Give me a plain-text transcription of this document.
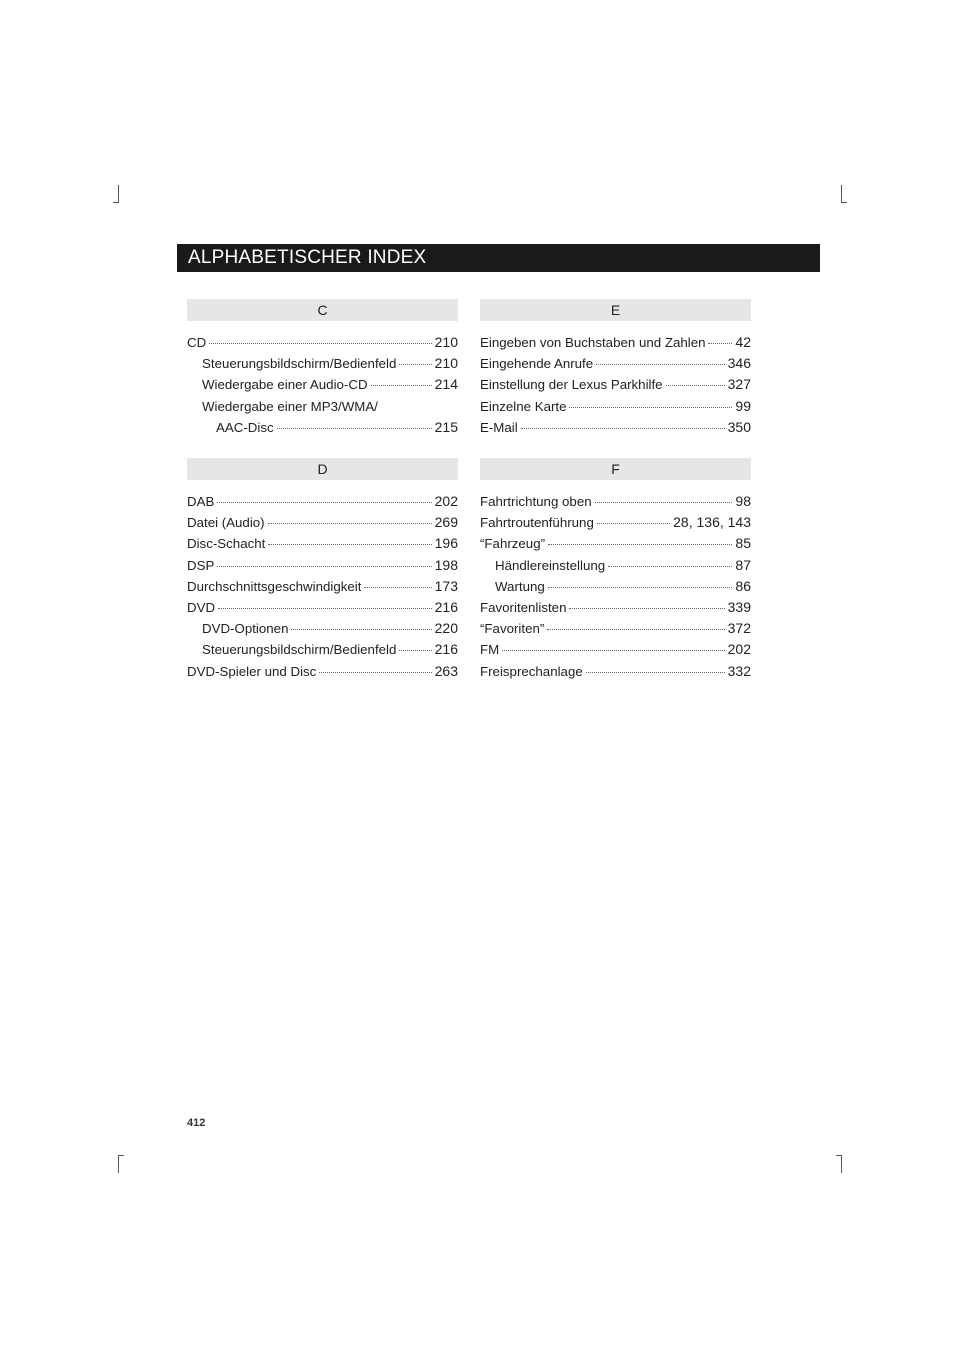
ALPHABETISCHER INDEX
C
CD	210
Steuerungsbildschirm/Bedienfeld	210
Wiedergabe einer Audio-CD	214
Wiedergabe einer MP3/WMA/
AAC-Disc	215
D
DAB	202
Datei (Audio)	269
Disc-Schacht	196
DSP	198
Durchschnittsgeschwindigkeit	173
DVD	216
DVD-Optionen	220
Steuerungsbildschirm/Bedienfeld	216
DVD-Spieler und Disc	263
E
Eingeben von Buchstaben und Zahlen 42
Eingehende Anrufe	346
Einstellung der Lexus Parkhilfe	327
Einzelne Karte	99
E-Mail	350
F
Fahrtrichtung oben	98
Fahrtroutenführung	28, 136, 143
“Fahrzeug”	85
Händlereinstellung	87
Wartung	86
Favoritenlisten	339
“Favoriten”	372
FM	202
Freisprechanlage	332
412
